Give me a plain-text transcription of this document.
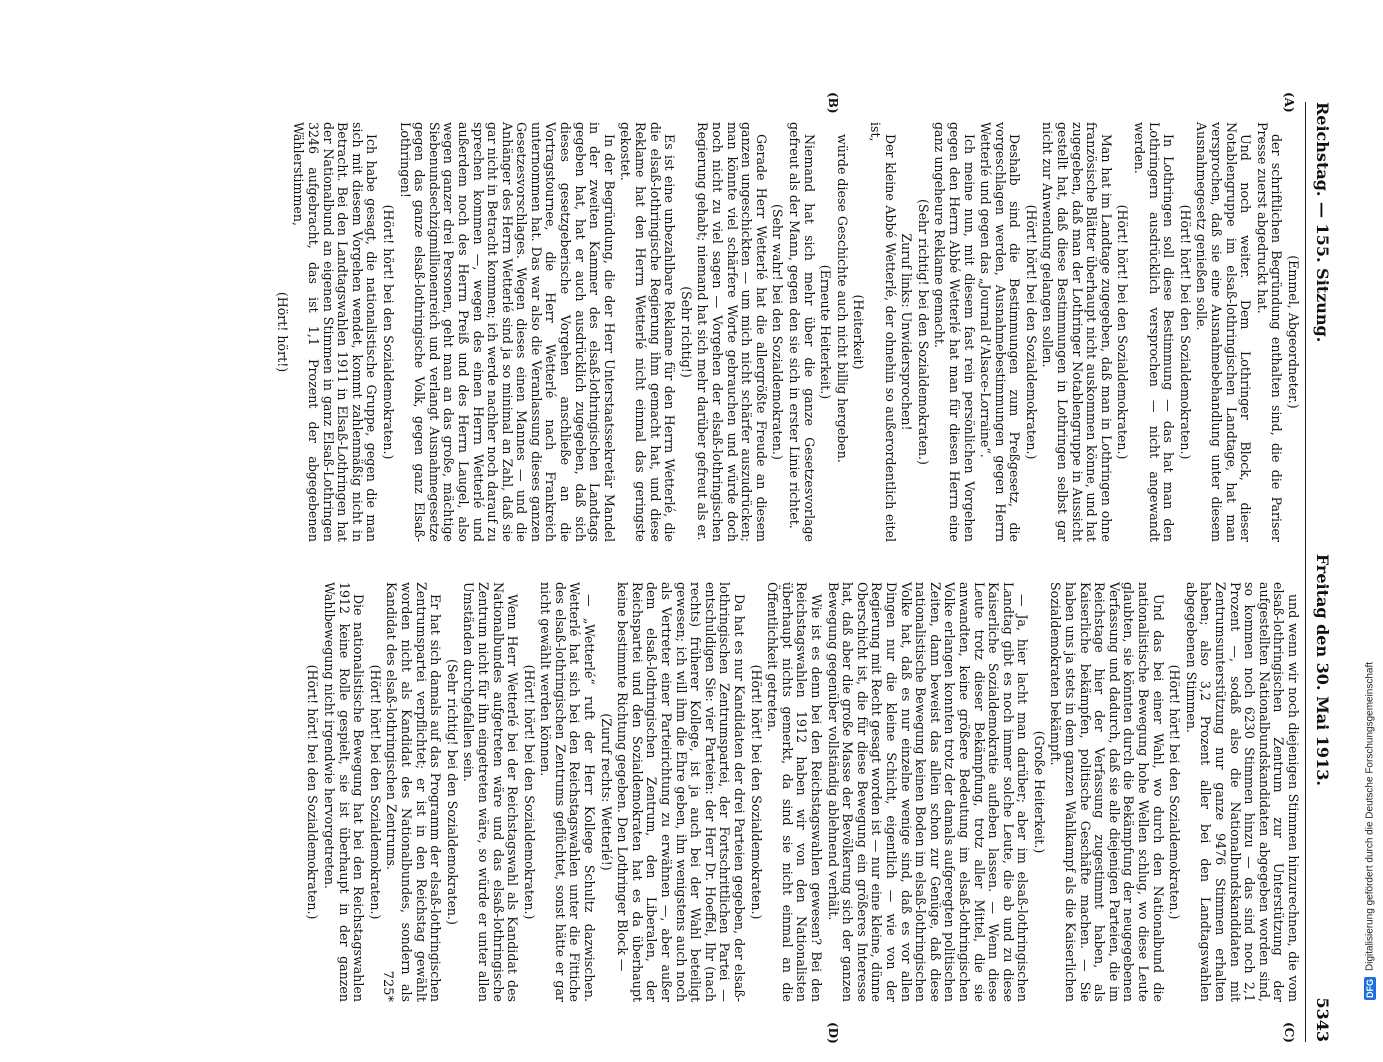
Reichstag. — 155. Sitzung.
Freitag den 30. Mai 1913.
5343
(A)
(B)
(C)
(D)

(Emmel, Abgeordneter.)

der schriftlichen Begründung enthalten sind, die die Pariser Presse zuerst abgedruckt hat.

Und noch weiter. Dem Lothringer Block, dieser Notablengruppe im elsaß-lothringischen Landtage, hat man versprochen, daß sie eine Ausnahmebehandlung unter diesem Ausnahmegesetz genießen solle.

(Hört! hört! bei den Sozialdemokraten.)

In Lothringen soll diese Bestimmung — das hat man den Lothringern ausdrücklich versprochen — nicht angewandt werden.

(Hört! hört! bei den Sozialdemokraten.)

Man hat im Landtage zugegeben, daß man in Lothringen ohne französische Blätter überhaupt nicht auskommen könne, und hat zugegeben, daß man der Lothringer Notablengruppe in Aussicht gestellt hat, daß diese Bestimmungen in Lothringen selbst gar nicht zur Anwendung gelangen sollen.

(Hört! hört! bei den Sozialdemokraten.)

Deshalb sind die Bestimmungen zum Preßgesetz, die vorgeschlagen werden, Ausnahmebestimmungen gegen Herrn Wetterlé und gegen das „Journal d'Alsace-Lorraine“.

Ich meine nun, mit diesem fast rein persönlichen Vorgehen gegen den Herrn Abbé Wetterlé hat man für diesen Herrn eine ganz ungeheure Reklame gemacht.

(Sehr richtig! bei den Sozialdemokraten.)

Zuruf links: Unwidersprochen!

Der kleine Abbé Wetterlé, der ohnehin so außerordentlich eitel ist,

(Heiterkeit)

würde diese Geschichte auch nicht billig hergeben.

(Erneute Heiterkeit.)

Niemand hat sich mehr über die ganze Gesetzesvorlage gefreut als der Mann, gegen den sie sich in erster Linie richtet.

(Sehr wahr! bei den Sozialdemokraten.)

Gerade Herr Wetterlé hat die allergrößte Freude an diesem ganzen ungeschickten — um mich nicht schärfer auszudrücken; man könnte viel schärfere Worte gebrauchen und würde doch noch nicht zu viel sagen — Vorgehen der elsaß-lothringischen Regierung gehabt; niemand hat sich mehr darüber gefreut als er.

(Sehr richtig!)

Es ist eine unbezahlbare Reklame für den Herrn Wetterlé, die die elsaß-lothringische Regierung ihm gemacht hat, und diese Reklame hat den Herrn Wetterlé nicht einmal das geringste gekostet.

In der Begründung, die der Herr Unterstaatssekretär Mandel in der zweiten Kammer des elsaß-lothringischen Landtags gegeben hat, hat er auch ausdrücklich zugegeben, daß sich dieses gesetzgeberische Vorgehen anschließe an die Vortragstournee, die Herr Wetterlé nach Frankreich unternommen hat. Das war also die Veranlassung dieses ganzen Gesetzesvorschlages. Wegen dieses einen Mannes — und die Anhänger des Herrn Wetterlé sind ja so minimal an Zahl, daß sie gar nicht in Betracht kommen; ich werde nachher noch darauf zu sprechen kommen —, wegen des einen Herrn Wetterlé und außerdem noch des Herrn Preiß und des Herrn Laugel, also wegen ganzer drei Personen, geht man an das große, mächtige Siebenundsechzigmillionenreich und verlangt Ausnahmegesetze gegen das ganze elsaß-lothringische Volk, gegen ganz Elsaß-Lothringen!

(Hört! hört! bei den Sozialdemokraten.)

Ich habe gesagt, die nationalistische Gruppe, gegen die man sich mit diesem Vorgehen wendet, kommt zahlenmäßig nicht in Betracht. Bei den Landtagswahlen 1911 in Elsaß-Lothringen hat der Nationalbund an eigenen Stimmen in ganz Elsaß-Lothringen 3246 aufgebracht, das ist 1,1 Prozent der abgegebenen Wählerstimmen,

(Hört! hört!)

und wenn wir noch diejenigen Stimmen hinzurechnen, die vom elsaß-lothringischen Zentrum zur Unterstützung der aufgestellten Nationalbundskandidaten abgegeben worden sind, so kommen noch 6230 Stimmen hinzu — das sind noch 2,1 Prozent —, sodaß also die Nationalbundskandidaten mit Zentrumsunterstützung nur ganze 9476 Stimmen erhalten haben; also 3,2 Prozent aller bei den Landtagswahlen abgegebenen Stimmen.

(Hört! hört! bei den Sozialdemokraten.)

Und das bei einer Wahl, wo durch den Nationalbund die nationalistische Bewegung hohe Wellen schlug, wo diese Leute glaubten, sie könnten durch die Bekämpfung der neugegebenen Verfassung und dadurch, daß sie alle diejenigen Parteien, die im Reichstage hier der Verfassung zugestimmt haben, als Kaiserliche bekämpfen, politische Geschäfte machen. — Sie haben uns ja stets in dem ganzen Wahlkampf als die Kaiserlichen Sozialdemokraten bekämpft.

(Große Heiterkeit.)

— Ja, hier lacht man darüber; aber im elsaß-lothringischen Landtag gibt es noch immer solche Leute, die ab und zu diese Kaiserliche Sozialdemokratie aufleben lassen. — Wenn diese Leute trotz dieser Bekämpfung, trotz aller Mittel, die sie anwandten, keine größere Bedeutung im elsaß-lothringischen Volke erlangen konnten trotz der damals aufgeregten politischen Zeiten, dann beweist das allein schon zur Genüge, daß diese nationalistische Bewegung keinen Boden im elsaß-lothringischen Volke hat, daß es nur einzelne wenige sind, daß es vor allen Dingen nur die kleine Schicht, eigentlich — wie von der Regierung mit Recht gesagt worden ist — nur eine kleine, dünne Oberschicht ist, die für diese Bewegung ein größeres Interesse hat, daß aber die große Masse der Bevölkerung sich der ganzen Bewegung gegenüber vollständig ablehnend verhält.

Wie ist es denn bei den Reichstagswahlen gewesen? Bei den Reichstagswahlen 1912 haben wir von den Nationalisten überhaupt nichts gemerkt, da sind sie nicht einmal an die Öffentlichkeit getreten.

(Hört! hört! bei den Sozialdemokraten.)

Da hat es nur Kandidaten der drei Parteien gegeben, der elsaß-lothringischen Zentrumspartei, der Fortschrittlichen Partei — entschuldigen Sie: vier Parteien: der Herr Dr. Hoeffel, Ihr (nach rechts) früherer Kollege, ist ja auch bei der Wahl beteiligt gewesen; ich will ihm die Ehre geben, ihn wenigstens auch noch als Vertreter einer Parteirichtung zu erwähnen —, aber außer dem elsaß-lothringischen Zentrum, den Liberalen, der Reichspartei und den Sozialdemokraten hat es da überhaupt keine bestimmte Richtung gegeben. Den Lothringer Block —

(Zuruf rechts: Wetterlé!)

— „Wetterlé“ ruft der Herr Kollege Schultz dazwischen. Wetterlé hat sich bei den Reichstagswahlen unter die Fittiche des elsaß-lothringischen Zentrums geflüchtet, sonst hätte er gar nicht gewählt werden können.

(Hört! hört! bei den Sozialdemokraten.)

Wenn Herr Wetterlé bei der Reichstagswahl als Kandidat des Nationalbundes aufgetreten wäre und das elsaß-lothringische Zentrum nicht für ihn eingetreten wäre, so würde er unter allen Umständen durchgefallen sein.

(Sehr richtig! bei den Sozialdemokraten.)

Er hat sich damals auf das Programm der elsaß-lothringischen Zentrumspartei verpflichtet; er ist in den Reichstag gewählt worden nicht als Kandidat des Nationalbundes, sondern als Kandidat des elsaß-lothringischen Zentrums.

(Hört! hört! bei den Sozialdemokraten.)

Die nationalistische Bewegung hat bei den Reichstagswahlen 1912 keine Rolle gespielt, sie ist überhaupt in der ganzen Wahlbewegung nicht irgendwie hervorgetreten.

(Hört! hört! bei den Sozialdemokraten.)

725*	DFG
Digitalisierung gefördert durch die Deutsche Forschungsgemeinschaft
